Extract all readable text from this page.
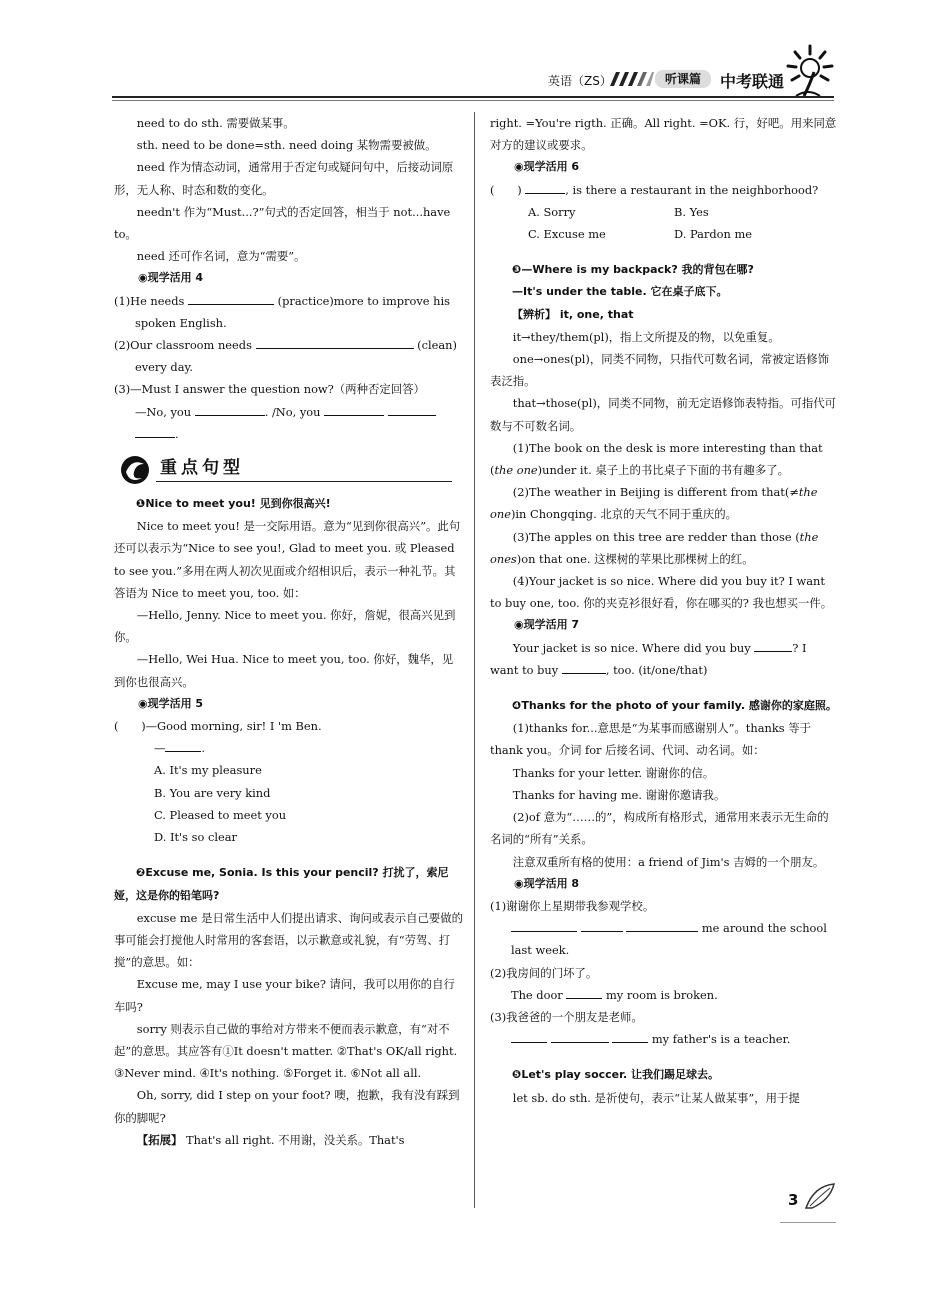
英语（ZS）	听课篇	中考联通

need to do sth. 需要做某事。

sth. need to be done=sth. need doing 某物需要被做。

need 作为情态动词，通常用于否定句或疑问句中，后接动词原形，无人称、时态和数的变化。

needn't 作为“Must...?”句式的否定回答，相当于 not...have to。

need 还可作名词，意为“需要”。

◉现学活用 4

(1)He needs	(practice)more to improve his spoken English.

(2)Our classroom needs	(clean) every day.

(3)—Must I answer the question now?（两种否定回答）

—No, you	. /No, you

.

重点句型

❶Nice to meet you! 见到你很高兴!

Nice to meet you! 是一交际用语。意为“见到你很高兴”。此句还可以表示为“Nice to see you!, Glad to meet you. 或 Pleased to see you.”多用在两人初次见面或介绍相识后，表示一种礼节。其答语为 Nice to meet you, too. 如：

—Hello, Jenny. Nice to meet you. 你好，詹妮，很高兴见到你。

—Hello, Wei Hua. Nice to meet you, too. 你好，魏华，见到你也很高兴。

◉现学活用 5

(　　)—Good morning, sir! I 'm Ben.

—	.

A. It's my pleasure

B. You are very kind

C. Pleased to meet you

D. It's so clear

❷Excuse me, Sonia. Is this your pencil? 打扰了，索尼娅，这是你的铅笔吗?

excuse me 是日常生活中人们提出请求、询问或表示自己要做的事可能会打搅他人时常用的客套语，以示歉意或礼貌，有“劳驾、打搅”的意思。如：

Excuse me, may I use your bike? 请问，我可以用你的自行车吗?

sorry 则表示自己做的事给对方带来不便而表示歉意，有“对不起”的意思。其应答有①It doesn't matter. ②That's OK/all right. ③Never mind. ④It's nothing. ⑤Forget it. ⑥Not all all.

Oh, sorry, did I step on your foot? 噢，抱歉，我有没有踩到你的脚呢?

【拓展】 That's all right. 不用谢，没关系。That's

right. =You're rigth. 正确。All right. =OK. 行，好吧。用来同意对方的建议或要求。

◉现学活用 6

(　　)	, is there a restaurant in the neighborhood?

A. Sorry	B. Yes

C. Excuse me	D. Pardon me

❸—Where is my backpack? 我的背包在哪?

—It's under the table. 它在桌子底下。

【辨析】 it, one, that

it→they/them(pl)，指上文所提及的物，以免重复。

one→ones(pl)，同类不同物，只指代可数名词，常被定语修饰表泛指。

that→those(pl)，同类不同物，前无定语修饰表特指。可指代可数与不可数名词。

(1)The book on the desk is more interesting than that (the one)under it. 桌子上的书比桌子下面的书有趣多了。

(2)The weather in Beijing is different from that(≠the one)in Chongqing. 北京的天气不同于重庆的。

(3)The apples on this tree are redder than those (the ones)on that one. 这棵树的苹果比那棵树上的红。

(4)Your jacket is so nice. Where did you buy it? I want to buy one, too. 你的夹克衫很好看，你在哪买的? 我也想买一件。

◉现学活用 7

Your jacket is so nice. Where did you buy	? I want to buy	, too. (it/one/that)

❹Thanks for the photo of your family. 感谢你的家庭照。

(1)thanks for...意思是“为某事而感谢别人”。thanks 等于 thank you。介词 for 后接名词、代词、动名词。如：

Thanks for your letter. 谢谢你的信。

Thanks for having me. 谢谢你邀请我。

(2)of 意为“……的”，构成所有格形式，通常用来表示无生命的名词的“所有”关系。

注意双重所有格的使用：a friend of Jim's 吉姆的一个朋友。

◉现学活用 8

(1)谢谢你上星期带我参观学校。

me around the school last week.

(2)我房间的门坏了。

The door	my room is broken.

(3)我爸爸的一个朋友是老师。

my father's is a teacher.

❺Let's play soccer. 让我们踢足球去。

let sb. do sth. 是祈使句，表示“让某人做某事”，用于提

3
